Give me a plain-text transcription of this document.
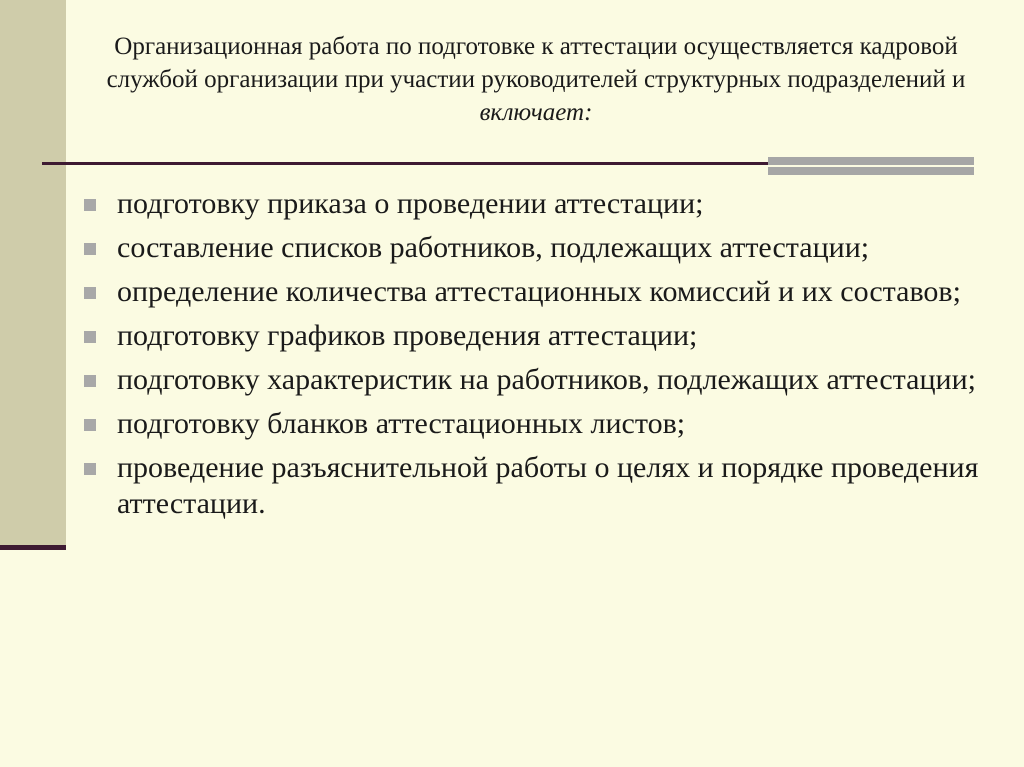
Организационная работа по подготовке к аттестации осуществляется кадровой службой организации при участии руководителей структурных подразделений и включает:
подготовку приказа о проведении аттестации;
составление списков работников, подлежащих аттестации;
определение количества аттестационных комиссий и их составов;
подготовку графиков проведения аттестации;
подготовку характеристик на работников, подлежащих аттестации;
подготовку бланков аттестационных листов;
проведение разъяснительной работы о целях и порядке проведения аттестации.
